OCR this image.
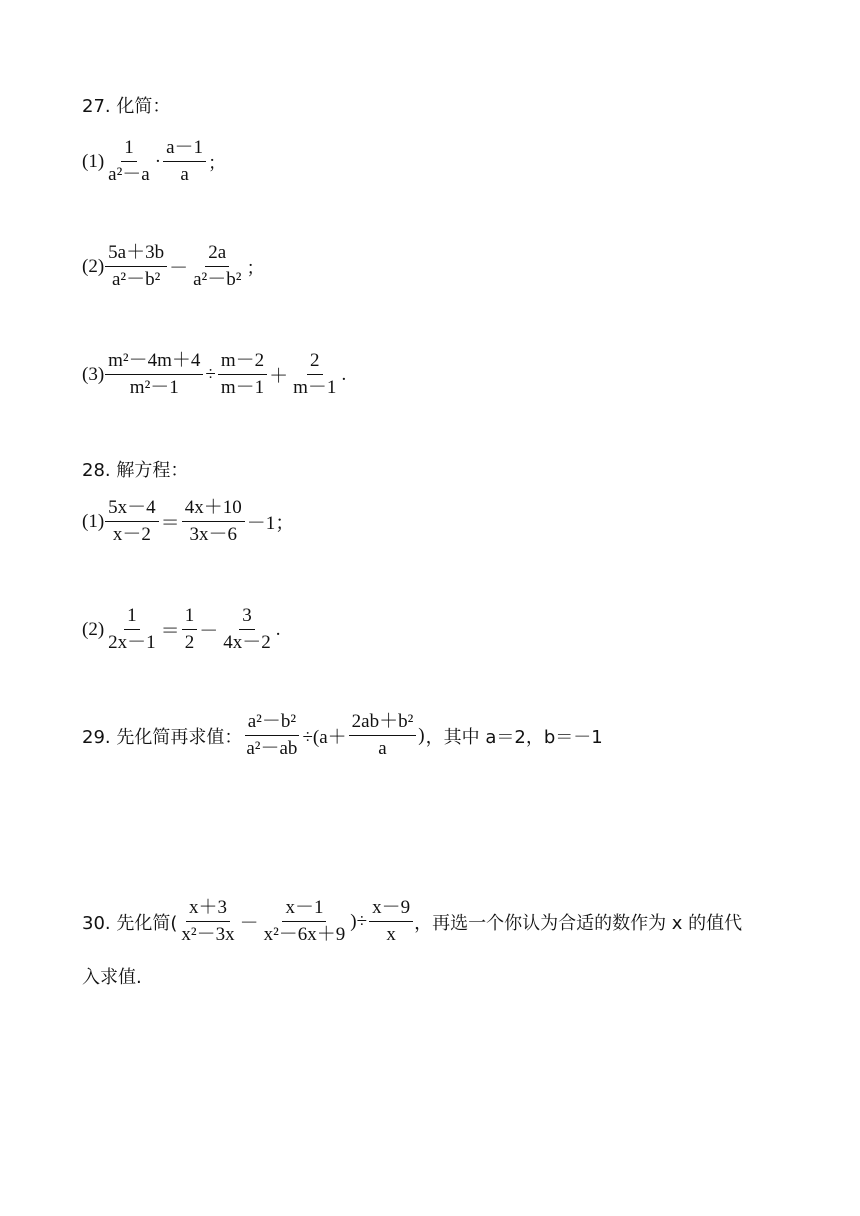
27. 化简：
$(1) \frac{1}{\text{a²－a}} \cdot \frac{a-1}{a}$ ；
$(2) \frac{5a+3b}{\text{a²－b²}} - \frac{2a}{\text{a²－b²}}$ ；
$(3) \frac{\text{m²－4m＋4}}{\text{m²－1}} \div \frac{m-2}{m-1} + \frac{2}{m-1}$ .
28. 解方程：
$(1) \frac{5x-4}{x-2} = \frac{4x+10}{3x-6} -1$；
$(2) \frac{1}{2x-1} = \frac{1}{2} - \frac{3}{4x-2}$ .
29. 先化简再求值： $\frac{\text{a²－b²}}{\text{a²－ab}} \div(a+ \frac{\text{2ab＋b²}}{a}$ ) ，其中 a＝2，b＝－1
30. 先化简( $\frac{x+3}{\text{x²－3x}} - \frac{x-1}{\text{x²－6x＋9}}$ )÷ $\frac{x-9}{x}$ ，再选一个你认为合适的数作为 x 的值代
入求值.
